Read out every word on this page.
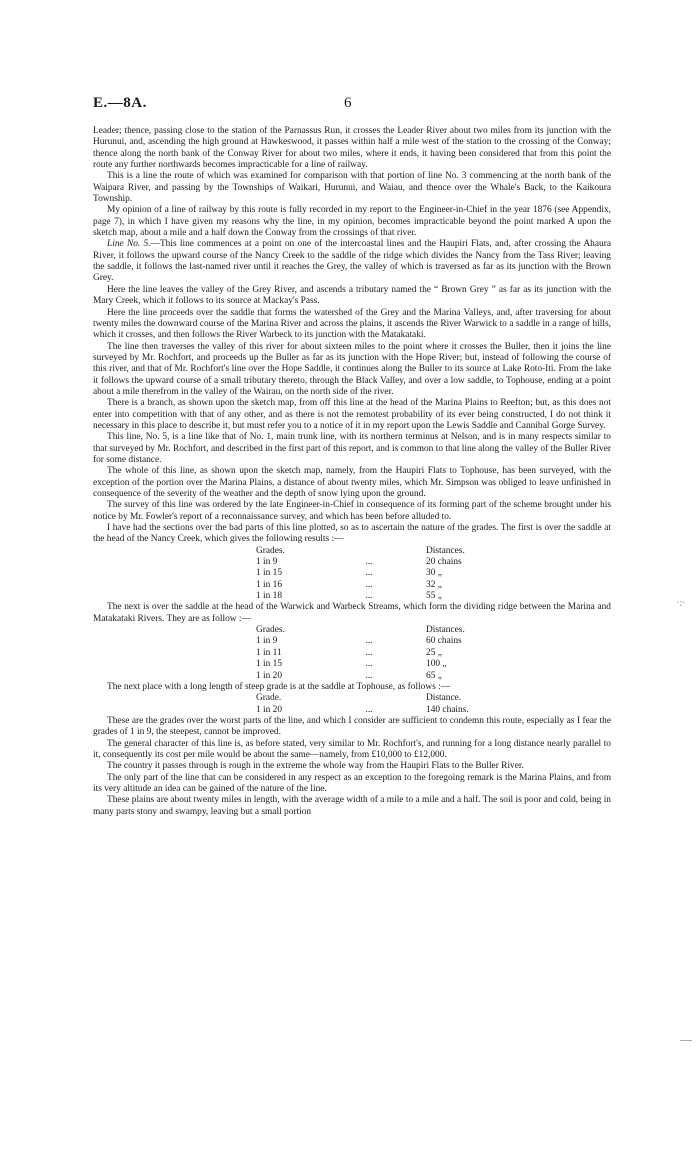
E.—8A.	6

Leader; thence, passing close to the station of the Parnassus Run, it crosses the Leader River about two miles from its junction with the Hurunui, and, ascending the high ground at Hawkeswood, it passes within half a mile west of the station to the crossing of the Conway; thence along the north bank of the Conway River for about two miles, where it ends, it having been considered that from this point the route any further northwards becomes impracticable for a line of railway.

This is a line the route of which was examined for comparison with that portion of line No. 3 commencing at the north bank of the Waipara River, and passing by the Townships of Waikari, Hurunui, and Waiau, and thence over the Whale's Back, to the Kaikoura Township.

My opinion of a line of railway by this route is fully recorded in my report to the Engineer-in-Chief in the year 1876 (see Appendix, page 7), in which I have given my reasons why the line, in my opinion, becomes impracticable beyond the point marked A upon the sketch map, about a mile and a half down the Conway from the crossings of that river.

Line No. 5.—This line commences at a point on one of the intercoastal lines and the Haupiri Flats, and, after crossing the Ahaura River, it follows the upward course of the Nancy Creek to the saddle of the ridge which divides the Nancy from the Tass River; leaving the saddle, it follows the last-named river until it reaches the Grey, the valley of which is traversed as far as its junction with the Brown Grey.

Here the line leaves the valley of the Grey River, and ascends a tributary named the “ Brown Grey ” as far as its junction with the Mary Creek, which it follows to its source at Mackay's Pass.

Here the line proceeds over the saddle that forms the watershed of the Grey and the Marina Valleys, and, after traversing for about twenty miles the downward course of the Marina River and across the plains, it ascends the River Warwick to a saddle in a range of hills, which it crosses, and then follows the River Warbeck to its junction with the Matakataki.

The line then traverses the valley of this river for about sixteen miles to the point where it crosses the Buller, then it joins the line surveyed by Mr. Rochfort, and proceeds up the Buller as far as its junction with the Hope River; but, instead of following the course of this river, and that of Mr. Rochfort's line over the Hope Saddle, it continues along the Buller to its source at Lake Roto-Iti. From the lake it follows the upward course of a small tributary thereto, through the Black Valley, and over a low saddle, to Tophouse, ending at a point about a mile therefrom in the valley of the Wairau, on the north side of the river.

There is a branch, as shown upon the sketch map, from off this line at the head of the Marina Plains to Reefton; but, as this does not enter into competition with that of any other, and as there is not the remotest probability of its ever being constructed, I do not think it necessary in this place to describe it, but must refer you to a notice of it in my report upon the Lewis Saddle and Cannibal Gorge Survey.

This line, No. 5, is a line like that of No. 1, main trunk line, with its northern terminus at Nelson, and is in many respects similar to that surveyed by Mr. Rochfort, and described in the first part of this report, and is common to that line along the valley of the Buller River for some distance.

The whole of this line, as shown upon the sketch map, namely, from the Haupiri Flats to Tophouse, has been surveyed, with the exception of the portion over the Marina Plains, a distance of about twenty miles, which Mr. Simpson was obliged to leave unfinished in consequence of the severity of the weather and the depth of snow lying upon the ground.

The survey of this line was ordered by the late Engineer-in-Chief in consequence of its forming part of the scheme brought under his notice by Mr. Fowler's report of a reconnaissance survey, and which has been before alluded to.

I have had the sections over the bad parts of this line plotted, so as to ascertain the nature of the grades. The first is over the saddle at the head of the Nancy Creek, which gives the following results :—

Grades.	Distances.
1 in 9	...	20 chains
1 in 15	...	30 „
1 in 16	...	32 „
1 in 18	...	55 „

The next is over the saddle at the head of the Warwick and Warbeck Streams, which form the dividing ridge between the Marina and Matakataki Rivers. They are as follow :—

Grades.	Distances.
1 in 9	...	60 chains
1 in 11	...	25 „
1 in 15	...	100 „
1 in 20	...	65 „

The next place with a long length of steep grade is at the saddle at Tophouse, as follows :—

Grade.	Distance.
1 in 20	...	140 chains.

These are the grades over the worst parts of the line, and which I consider are sufficient to condemn this route, especially as I fear the grades of 1 in 9, the steepest, cannot be improved.

The general character of this line is, as before stated, very similar to Mr. Rochfort's, and running for a long distance nearly parallel to it, consequently its cost per mile would be about the same—namely, from £10,000 to £12,000.

The country it passes through is rough in the extreme the whole way from the Haupiri Flats to the Buller River.

The only part of the line that can be considered in any respect as an exception to the foregoing remark is the Marina Plains, and from its very altitude an idea can be gained of the nature of the line.

These plains are about twenty miles in length, with the average width of a mile to a mile and a half. The soil is poor and cold, being in many parts stony and swampy, leaving but a small portion

·:·
